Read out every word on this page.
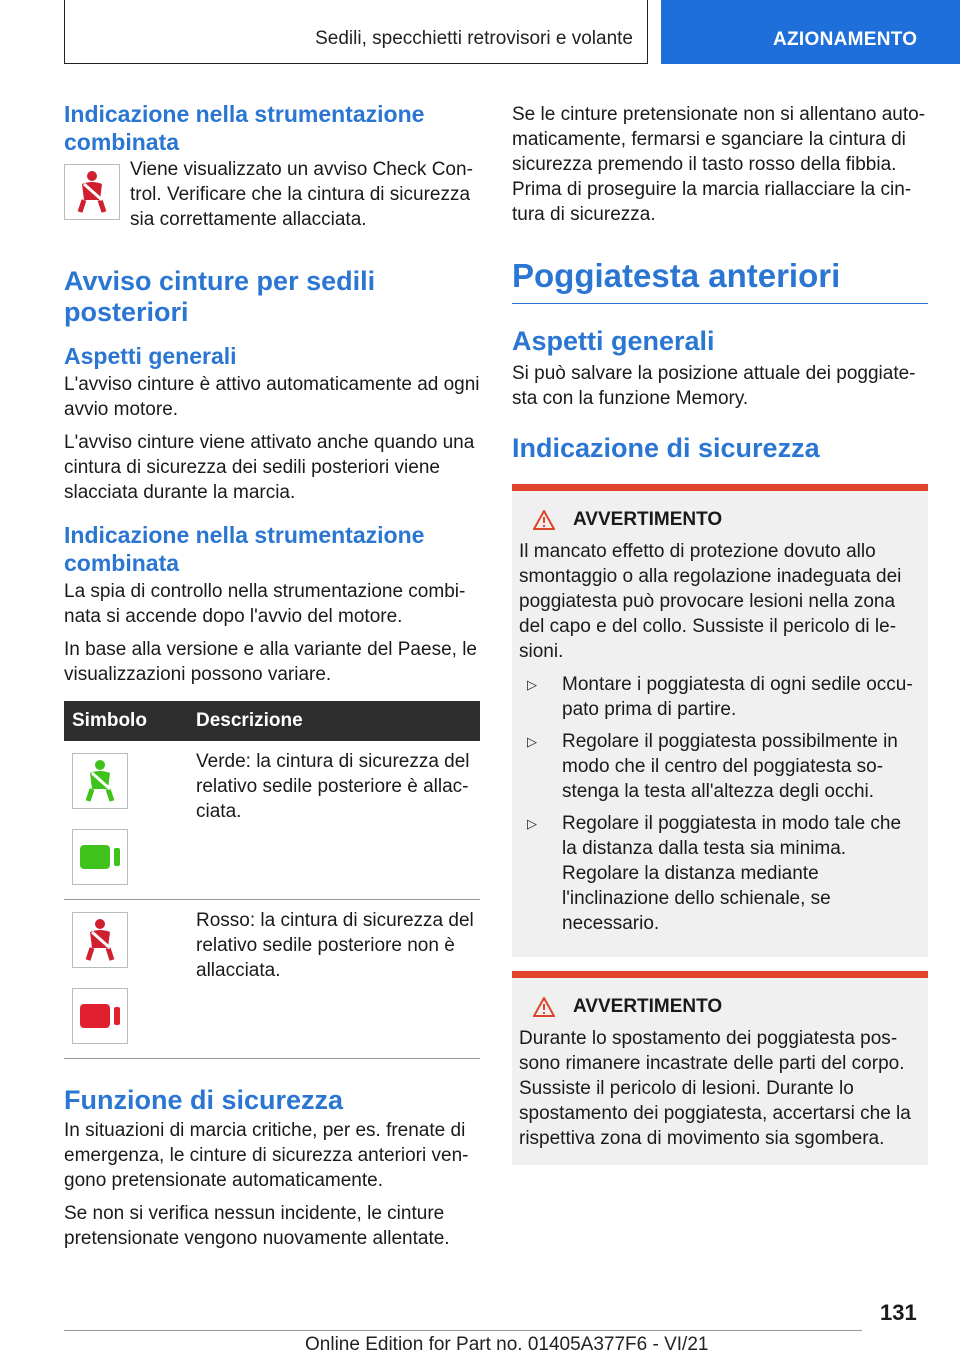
Sedili, specchietti retrovisori e volante	AZIONAMENTO
Indicazione nella strumentazione combinata

Viene visualizzato un avviso Check Control. Verificare che la cintura di sicurezza sia correttamente allacciata.

Avviso cinture per sedili posteriori
Aspetti generali

L'avviso cinture è attivo automaticamente ad ogni avvio motore.

L'avviso cinture viene attivato anche quando una cintura di sicurezza dei sedili posteriori viene slacciata durante la marcia.

Indicazione nella strumentazione combinata

La spia di controllo nella strumentazione combinata si accende dopo l'avvio del motore.

In base alla versione e alla variante del Paese, le visualizzazioni possono variare.

Simbolo	Descrizione

	Verde: la cintura di sicurezza del relativo sedile posteriore è allacciata.

	Rosso: la cintura di sicurezza del relativo sedile posteriore non è allacciata.
Funzione di sicurezza

In situazioni di marcia critiche, per es. frenate di emergenza, le cinture di sicurezza anteriori vengono pretensionate automaticamente.

Se non si verifica nessun incidente, le cinture pretensionate vengono nuovamente allentate.

Se le cinture pretensionate non si allentano automaticamente, fermarsi e sganciare la cintura di sicurezza premendo il tasto rosso della fibbia. Prima di proseguire la marcia riallacciare la cintura di sicurezza.

Poggiatesta anteriori
Aspetti generali

Si può salvare la posizione attuale dei poggiatesta con la funzione Memory.

Indicazione di sicurezza
AVVERTIMENTO

Il mancato effetto di protezione dovuto allo smontaggio o alla regolazione inadeguata dei poggiatesta può provocare lesioni nella zona del capo e del collo. Sussiste il pericolo di lesioni.

▷	Montare i poggiatesta di ogni sedile occupato prima di partire.
▷	Regolare il poggiatesta possibilmente in modo che il centro del poggiatesta sostenga la testa all'altezza degli occhi.
▷	Regolare il poggiatesta in modo tale che la distanza dalla testa sia minima. Regolare la distanza mediante l'inclinazione dello schienale, se necessario.
AVVERTIMENTO

Durante lo spostamento dei poggiatesta possono rimanere incastrate delle parti del corpo. Sussiste il pericolo di lesioni. Durante lo spostamento dei poggiatesta, accertarsi che la rispettiva zona di movimento sia sgombera.

131
Online Edition for Part no. 01405A377F6 - VI/21
